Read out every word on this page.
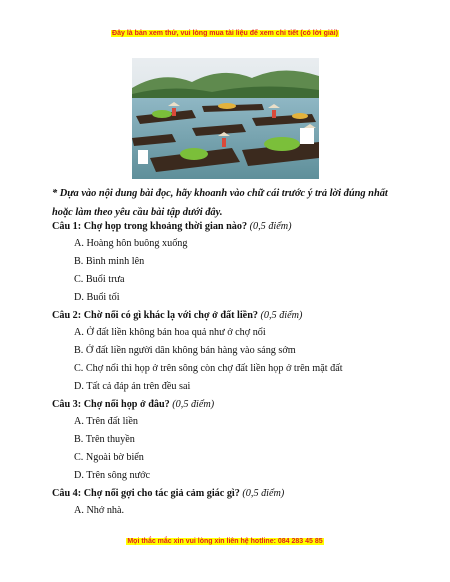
Đây là bản xem thử, vui lòng mua tài liệu để xem chi tiết (có lời giải)
* Dựa vào nội dung bài đọc, hãy khoanh vào chữ cái trước ý trả lời đúng nhất hoặc làm theo yêu cầu bài tập dưới đây.
Câu 1: Chợ họp trong khoảng thời gian nào? (0,5 điểm)
A. Hoàng hôn buông xuống
B. Bình minh lên
C. Buổi trưa
D. Buổi tối
Câu 2: Chờ nổi có gì khác lạ với chợ ở đất liền? (0,5 điểm)
A. Ở đất liền không bán hoa quả như ở chợ nổi
B. Ở đất liền người dân không bán hàng vào sáng sớm
C. Chợ nổi thì họp ở trên sông còn chợ đất liền họp ở trên mặt đất
D. Tất cả đáp án trên đều sai
Câu 3: Chợ nổi họp ở đâu? (0,5 điểm)
A. Trên đất liền
B. Trên thuyền
C. Ngoài bờ biển
D. Trên sông nước
Câu 4: Chợ nổi gợi cho tác giả cảm giác gì? (0,5 điểm)
A. Nhớ nhà.
Mọi thắc mắc xin vui lòng xin liên hệ hotline: 084 283 45 85
